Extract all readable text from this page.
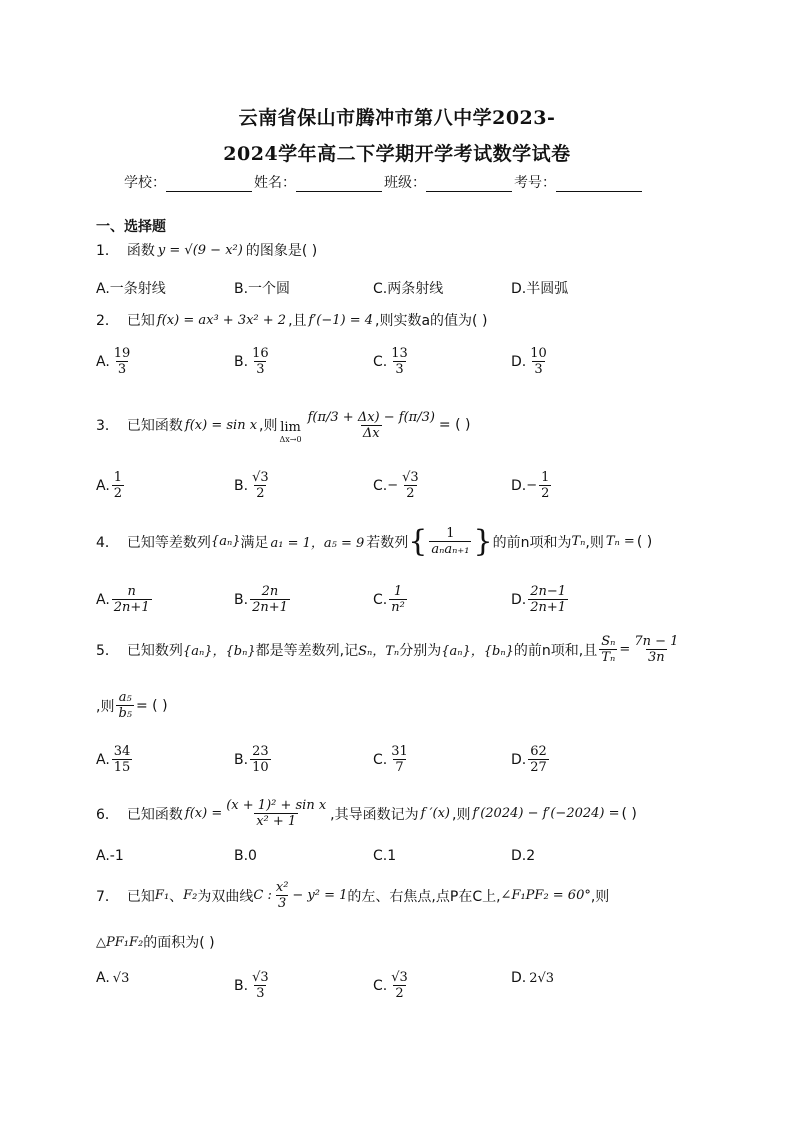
云南省保山市腾冲市第八中学2023-
2024学年高二下学期开学考试数学试卷
学校：	姓名：	班级：	考号：
一、选择题
1． 函数 y = √(9 − x²) 的图象是( )
A.一条射线	B.一个圆	C.两条射线	D.半圆弧
2． 已知 f(x) = ax³ + 3x² + 2 ,且 f′(−1) = 4 ,则实数a的值为( )
A. $\frac{19}{3}$	B. $\frac{16}{3}$	C. $\frac{13}{3}$	D. $\frac{10}{3}$
3． 已知函数 f(x) = sin x ,则 lim
$\Delta x\to 0 \frac{f(\pi/3 + \Delta x) - f(\pi/3)}{\Delta x}$ = ( )
A. $\frac{1}{2}$	B. $\frac{√3}{2}$	C. − $\frac{√3}{2}$	D. − $\frac{1}{2}$
4． 已知等差数列 {aₙ} 满足 a₁ = 1，a₅ = 9 若数列 { $\frac{1}{\text{aₙaₙ₊₁}}$ } 的前n项和为 Tₙ ,则 Tₙ = ( )
A. $\frac{n}{2n+1}$	B. $\frac{2n}{2n+1}$	C. $\frac{1}{\text{n²}}$	D. $\frac{2n-1}{2n+1}$
5． 已知数列 {aₙ}，{bₙ} 都是等差数列,记 Sₙ，Tₙ 分别为 {aₙ}，{bₙ} 的前n项和,且 $\frac{\text{Sₙ}}{\text{Tₙ}} = \frac{7n - 1}{3n}$
,则 $\frac{\text{a₅}}{\text{b₅}}$ = ( )
A. $\frac{34}{15}$	B. $\frac{23}{10}$	C. $\frac{31}{7}$	D. $\frac{62}{27}$
6． 已知函数 $f(x) = \frac{\text{(x + 1)² + sin x}}{\text{x² + 1}}$ ,其导函数记为 f ′(x) ,则 f′(2024) − f′(−2024) = ( )
A.-1	B.0	C.1	D.2
7． 已知 F₁ 、 F₂ 为双曲线 C : $\frac{\text{x²}}{3} - y^2 = 1$ 的左、右焦点,点P在C上, ∠F₁PF₂ = 60° ,则
△PF₁F₂ 的面积为( )
A. √3	B. $\frac{√3}{3}$	C. $\frac{√3}{2}$	D. 2√3
